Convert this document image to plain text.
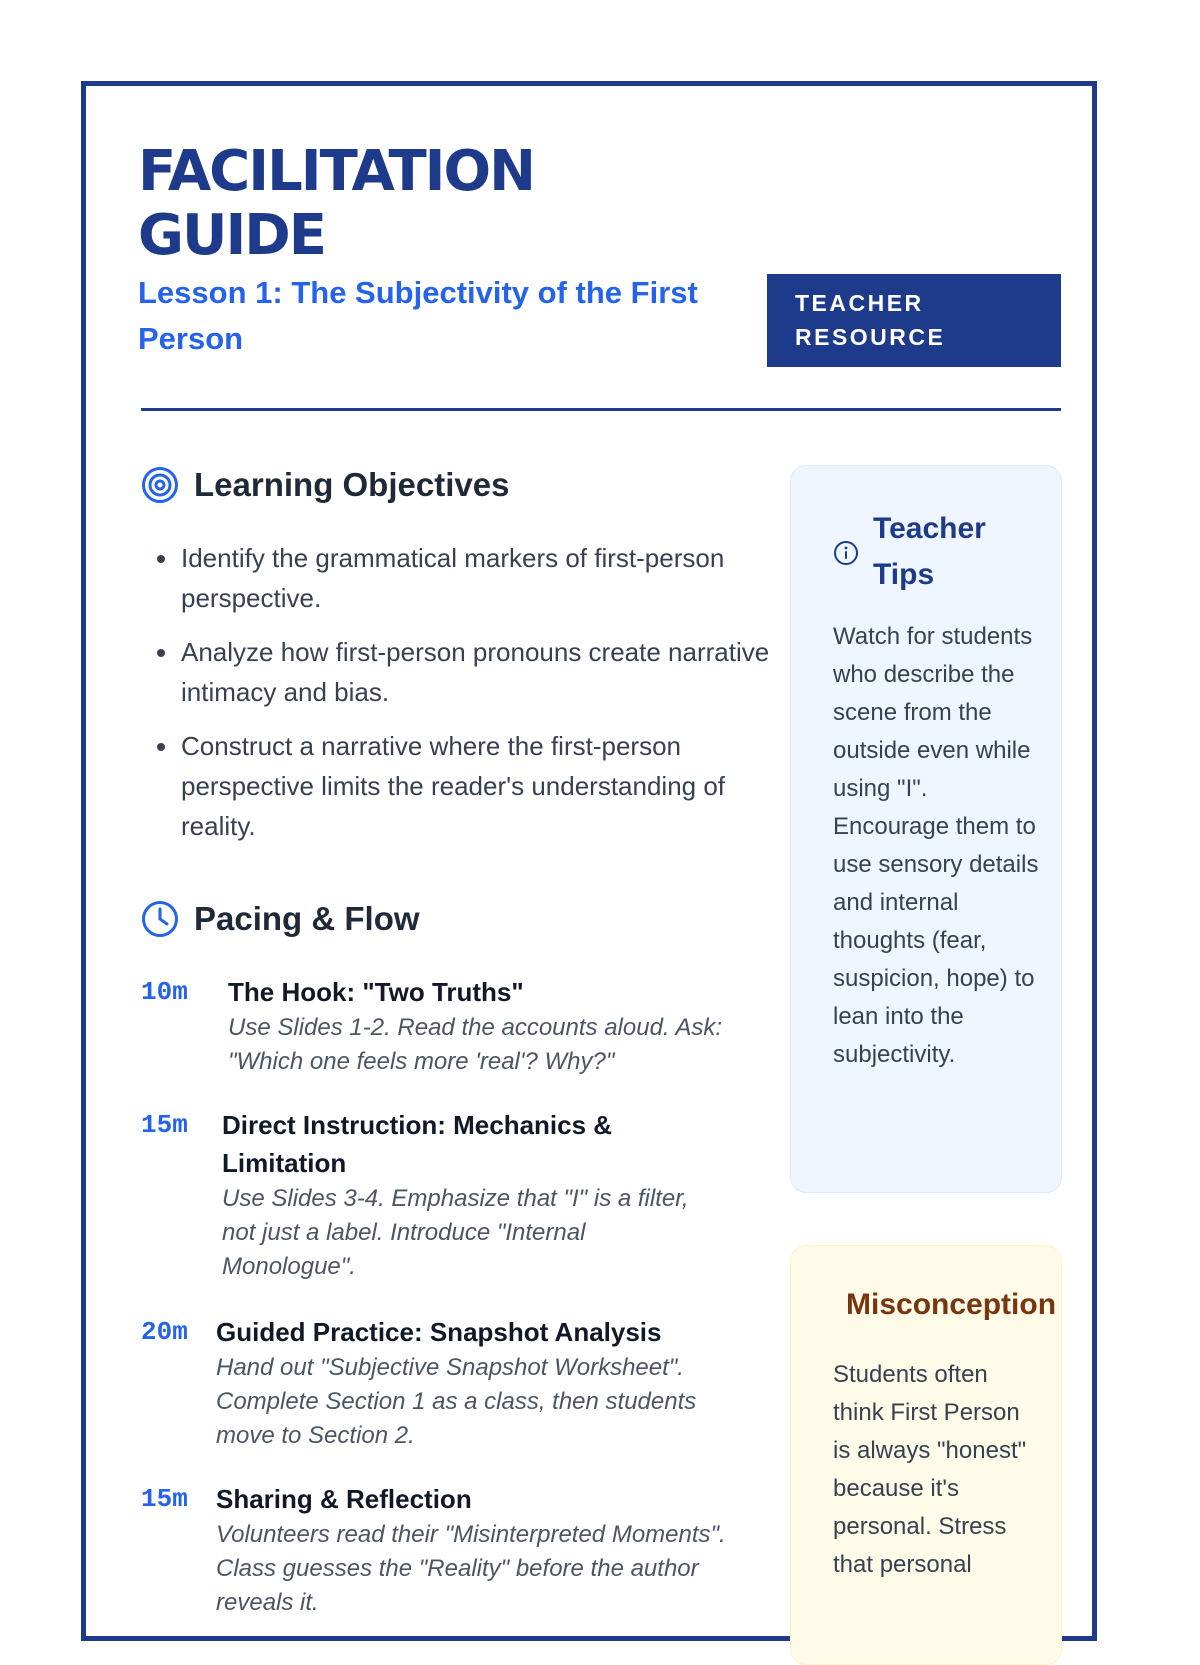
FACILITATION GUIDE
Lesson 1: The Subjectivity of the First Person
TEACHER RESOURCE
Learning Objectives
Identify the grammatical markers of first-person perspective.
Analyze how first-person pronouns create narrative intimacy and bias.
Construct a narrative where the first-person perspective limits the reader's understanding of reality.
Pacing & Flow
10m	The Hook: "Two Truths"
Use Slides 1-2. Read the accounts aloud. Ask: "Which one feels more 'real'? Why?"
15m	Direct Instruction: Mechanics & Limitation
Use Slides 3-4. Emphasize that "I" is a filter, not just a label. Introduce "Internal Monologue".
20m	Guided Practice: Snapshot Analysis
Hand out "Subjective Snapshot Worksheet". Complete Section 1 as a class, then students move to Section 2.
15m	Sharing & Reflection
Volunteers read their "Misinterpreted Moments". Class guesses the "Reality" before the author reveals it.
Teacher Tips
Watch for students who describe the scene from the outside even while using "I". Encourage them to use sensory details and internal thoughts (fear, suspicion, hope) to lean into the subjectivity.
Misconception
Students often think First Person is always "honest" because it's personal. Stress that personal
